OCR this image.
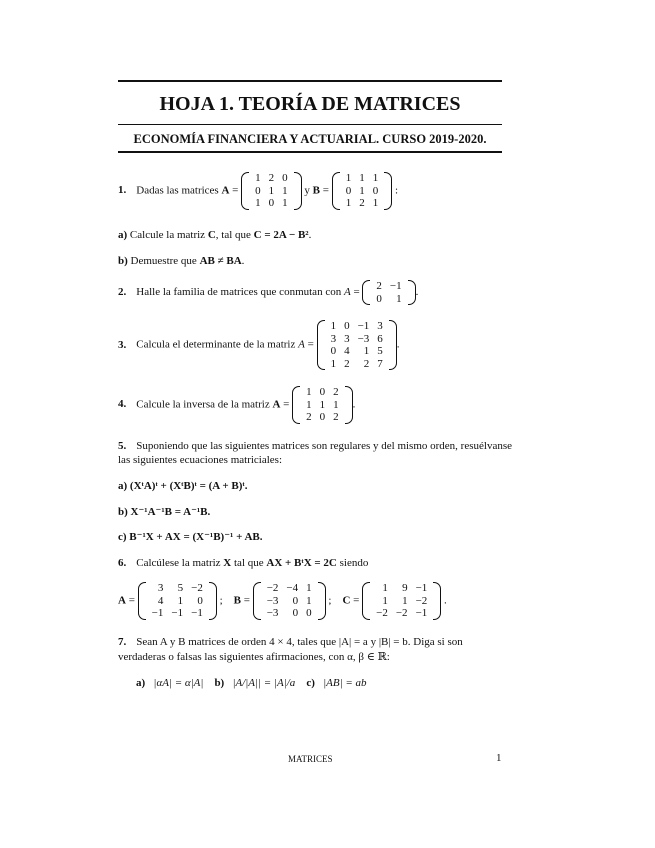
HOJA 1. TEORÍA DE MATRICES
ECONOMÍA FINANCIERA Y ACTUARIAL. CURSO 2019-2020.
1. Dadas las matrices A =
1	2	0
0	1	1
1	0	1
y B =
1	1	1
0	1	0
1	2	1
:
a) Calcule la matriz C, tal que C = 2A − B².
b) Demuestre que AB ≠ BA.
2. Halle la familia de matrices que conmutan con A =
2	−1
0	1
.
3. Calcula el determinante de la matriz A =
1	0	−1	3
3	3	−3	6
0	4	1	5
1	2	2	7
.
4. Calcule la inversa de la matriz A =
1	0	2
1	1	1
2	0	2
.
5. Suponiendo que las siguientes matrices son regulares y del mismo orden, resuélvanse
las siguientes ecuaciones matriciales:
a) (XᵗA)ᵗ + (XᵗB)ᵗ = (A + B)ᵗ.
b) X⁻¹A⁻¹B = A⁻¹B.
c) B⁻¹X + AX = (X⁻¹B)⁻¹ + AB.
6. Calcúlese la matriz X tal que AX + BᵗX = 2C siendo
A =
3	5	−2
4	1	0
−1	−1	−1
;    B =
−2	−4	1
−3	0	1
−3	0	0
;    C =
1	9	−1
1	1	−2
−2	−2	−1
.
7. Sean A y B matrices de orden 4 × 4, tales que |A| = a y |B| = b. Diga si son
verdaderas o falsas las siguientes afirmaciones, con α, β ∈ ℝ:
a) |αA| = α|A| b) |A/|A|| = |A|/a c) |AB| = ab
MATRICES	1
